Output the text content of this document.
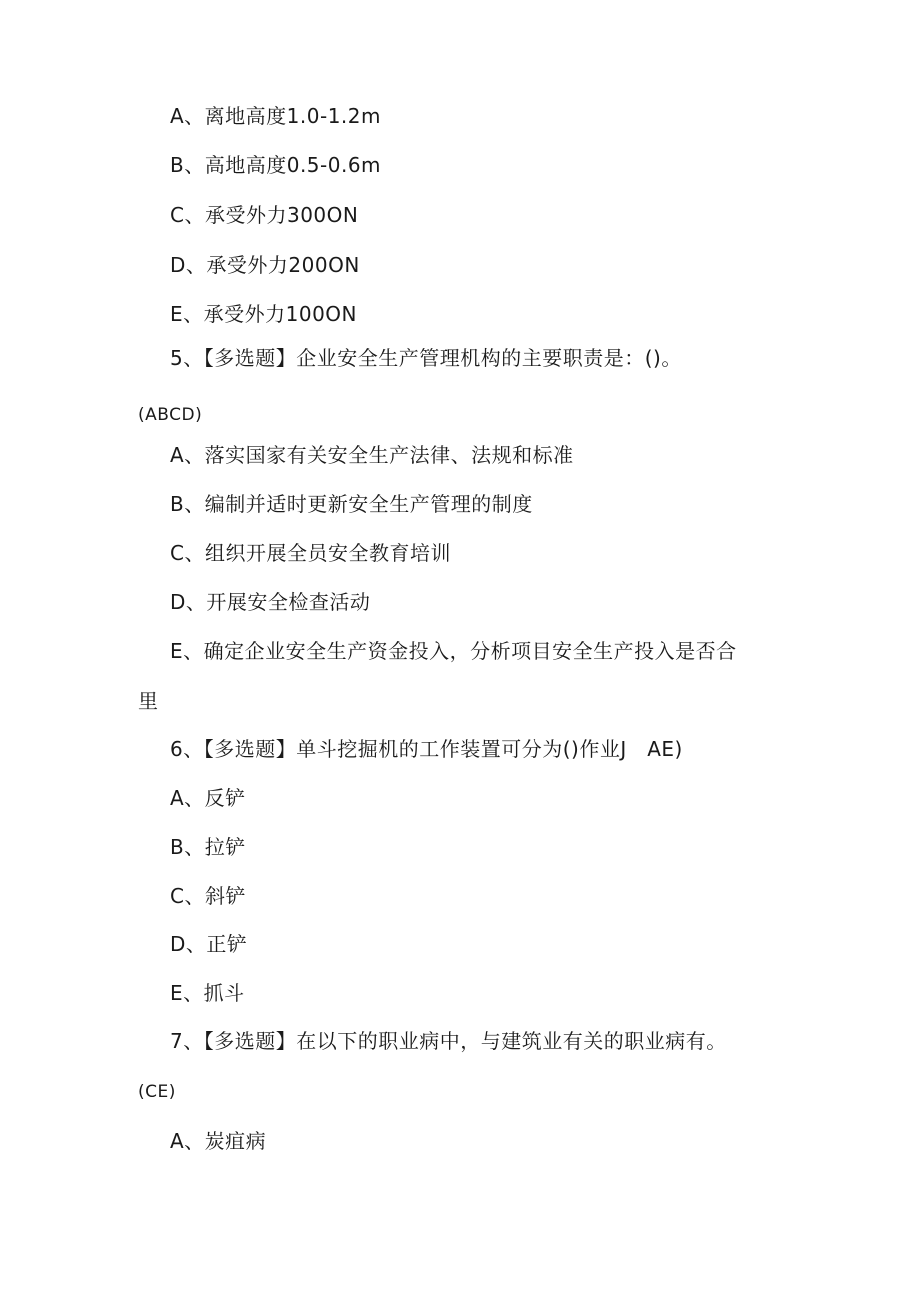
A、离地高度1.0-1.2m
B、高地高度0.5-0.6m
C、承受外力300ON
D、承受外力200ON
E、承受外力100ON
5、【多选题】企业安全生产管理机构的主要职责是：()。
(ABCD)
A、落实国家有关安全生产法律、法规和标准
B、编制并适时更新安全生产管理的制度
C、组织开展全员安全教育培训
D、开展安全检查活动
E、确定企业安全生产资金投入，分析项目安全生产投入是否合
里
6、【多选题】单斗挖掘机的工作装置可分为()作业J　AE)
A、反铲
B、拉铲
C、斜铲
D、正铲
E、抓斗
7、【多选题】在以下的职业病中，与建筑业有关的职业病有。
(CE)
A、炭疽病
